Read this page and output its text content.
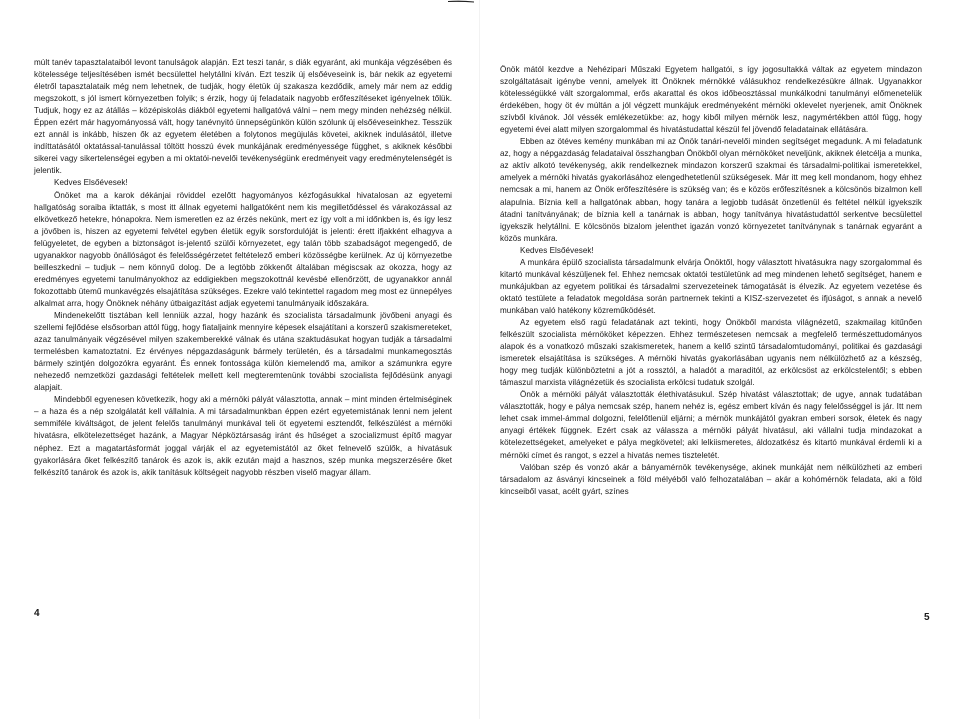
múlt tanév tapasztalataiból levont tanulságok alapján. Ezt teszi tanár, s diák egyaránt, aki munkája végzésében és kötelessége teljesítésében ismét becsülettel helytállni kíván. Ezt teszik új elsőéveseink is, bár nekik az egyetemi életről tapasztalataik még nem lehetnek, de tudják, hogy életük új szakasza kezdődik, amely már nem az eddig megszokott, s jól ismert környezetben folyik; s érzik, hogy új feladataik nagyobb erőfeszítéseket igényelnek tőlük. Tudjuk, hogy ez az átállás – középiskolás diákból egyetemi hallgatóvá válni – nem megy minden nehézség nélkül. Éppen ezért már hagyományossá vált, hogy tanévnyitó ünnepségünkön külön szólunk új elsőéveseinkhez. Tesszük ezt annál is inkább, hiszen ők az egyetem életében a folytonos megújulás követei, akiknek indulásától, illetve indíttatásától oktatással-tanulással töltött hosszú évek munkájának eredményessége függhet, s akiknek későbbi sikerei vagy sikertelenségei egyben a mi oktatói-nevelői tevékenységünk eredményeit vagy eredménytelenségét is jelentik.

Kedves Elsőévesek!

Önöket ma a karok dékánjai röviddel ezelőtt hagyományos kézfogásukkal hivatalosan az egyetemi hallgatóság soraiba iktatták, s most itt állnak egyetemi hallgatóként nem kis megilletődéssel és várakozással az elkövetkező hetekre, hónapokra. Nem ismeretlen ez az érzés nekünk, mert ez így volt a mi időnkben is, és így lesz a jövőben is, hiszen az egyetemi felvétel egyben életük egyik sorsfordulóját is jelenti: érett ifjakként elhagyva a felügyeletet, de egyben a biztonságot is-jelentő szülői környezetet, egy talán több szabadságot megengedő, de ugyanakkor nagyobb önállóságot és felelősségérzetet feltételező emberi közösségbe kerülnek. Az új környezetbe beilleszkedni – tudjuk – nem könnyű dolog. De a legtöbb zökkenőt általában mégiscsak az okozza, hogy az eredményes egyetemi tanulmányokhoz az eddigiekben megszokottnál kevésbé ellenőrzött, de ugyanakkor annál fokozottabb ütemű munkavégzés elsajátítása szükséges. Ezekre való tekintettel ragadom meg most ez ünnepélyes alkalmat arra, hogy Önöknek néhány útbaigazítást adjak egyetemi tanulmányaik időszakára.

Mindenekelőtt tisztában kell lenniük azzal, hogy hazánk és szocialista társadalmunk jövőbeni anyagi és szellemi fejlődése elsősorban attól függ, hogy fiataljaink mennyire képesek elsajátítani a korszerű szakismereteket, azaz tanulmányaik végzésével milyen szakemberekké válnak és utána szaktudásukat hogyan tudják a társadalmi termelésben kamatoztatni. Ez érvényes népgazdaságunk bármely területén, és a társadalmi munkamegosztás bármely szintjén dolgozókra egyaránt. És ennek fontossága külön kiemelendő ma, amikor a számunkra egyre nehezedő nemzetközi gazdasági feltételek mellett kell megteremtenünk további szocialista fejlődésünk anyagi alapjait.

Mindebből egyenesen következik, hogy aki a mérnöki pályát választotta, annak – mint minden értelmiséginek – a haza és a nép szolgálatát kell vállalnia. A mi társadalmunkban éppen ezért egyetemistának lenni nem jelent semmiféle kiváltságot, de jelent felelős tanulmányi munkával teli öt egyetemi esztendőt, felkészülést a mérnöki hivatásra, elkötelezettséget hazánk, a Magyar Népköztársaság iránt és hűséget a szocializmust építő magyar néphez. Ezt a magatartásformát joggal várják el az egyetemistától az őket felnevelő szülők, a hivatásuk gyakorlására őket felkészítő tanárok és azok is, akik ezután majd a hasznos, szép munka megszerzésére őket felkészítő tanárok és azok is, akik tanításuk költségeit nagyobb részben viselő magyar állam.

4

Önök mától kezdve a Nehézipari Műszaki Egyetem hallgatói, s így jogosultakká váltak az egyetem mindazon szolgáltatásait igénybe venni, amelyek itt Önöknek mérnökké válásukhoz rendelkezésükre állnak. Ugyanakkor kötelességükké vált szorgalommal, erős akarattal és okos időbeosztással munkálkodni tanulmányi előmenetelük érdekében, hogy öt év múltán a jól végzett munkájuk eredményeként mérnöki oklevelet nyerjenek, amit Önöknek szívből kívánok. Jól véssék emlékezetükbe: az, hogy kiből milyen mérnök lesz, nagymértékben attól függ, hogy egyetemi évei alatt milyen szorgalommal és hivatástudattal készül fel jövendő feladatainak ellátására.

Ebben az ötéves kemény munkában mi az Önök tanári-nevelői minden segítséget megadunk. A mi feladatunk az, hogy a népgazdaság feladataival összhangban Önökből olyan mérnököket neveljünk, akiknek életcélja a munka, az aktív alkotó tevékenység, akik rendelkeznek mindazon korszerű szakmai és társadalmi-politikai ismeretekkel, amelyek a mérnöki hivatás gyakorlásához elengedhetetlenül szükségesek. Már itt meg kell mondanom, hogy ehhez nemcsak a mi, hanem az Önök erőfeszítésére is szükség van; és e közös erőfeszítésnek a kölcsönös bizalmon kell alapulnia. Bíznia kell a hallgatónak abban, hogy tanára a legjobb tudását önzetlenül és feltétel nélkül igyekszik átadni tanítványának; de bíznia kell a tanárnak is abban, hogy tanítványa hivatástudattól serkentve becsülettel igyekszik helytállni. E kölcsönös bizalom jelenthet igazán vonzó környezetet tanítványnak s tanárnak egyaránt a közös munkára.

Kedves Elsőévesek!

A munkára épülő szocialista társadalmunk elvárja Önöktől, hogy választott hivatásukra nagy szorgalommal és kitartó munkával készüljenek fel. Ehhez nemcsak oktatói testületünk ad meg mindenen lehető segítséget, hanem e munkájukban az egyetem politikai és társadalmi szervezeteinek támogatását is élvezik. Az egyetem vezetése és oktató testülete a feladatok megoldása során partnernek tekinti a KISZ-szervezetet és ifjúságot, s annak a nevelő munkában való hatékony közreműködését.

Az egyetem első ragú feladatának azt tekinti, hogy Önökből marxista világnézetű, szakmailag kitűnően felkészült szocialista mérnököket képezzen. Ehhez természetesen nemcsak a megfelelő természettudományos alapok és a vonatkozó műszaki szakismeretek, hanem a kellő szintű társadalomtudományi, politikai és gazdasági ismeretek elsajátítása is szükséges. A mérnöki hivatás gyakorlásában ugyanis nem nélkülözhető az a készség, hogy meg tudják különböztetni a jót a rossztól, a haladót a maraditól, az erkölcsöst az erkölcstelentől; s ebben támaszul marxista világnézetük és szocialista erkölcsi tudatuk szolgál.

Önök a mérnöki pályát választották élethivatásukul. Szép hivatást választottak; de ugye, annak tudatában választották, hogy e pálya nemcsak szép, hanem nehéz is, egész embert kíván és nagy felelősséggel is jár. Itt nem lehet csak immel-ámmal dolgozni, felelőtlenül eljárni; a mérnök munkájától gyakran emberi sorsok, életek és nagy anyagi értékek függnek. Ezért csak az válassza a mérnöki pályát hivatásul, aki vállalni tudja mindazokat a kötelezettségeket, amelyeket e pálya megkövetel; aki lelkiismeretes, áldozatkész és kitartó munkával érdemli ki a mérnöki címet és rangot, s ezzel a hivatás nemes tiszteletét.

Valóban szép és vonzó akár a bányamérnök tevékenysége, akinek munkáját nem nélkülözheti az emberi társadalom az ásványi kincseinek a föld mélyéből való felhozatalában – akár a kohómérnök feladata, aki a föld kincseiből vasat, acélt gyárt, színes

5
